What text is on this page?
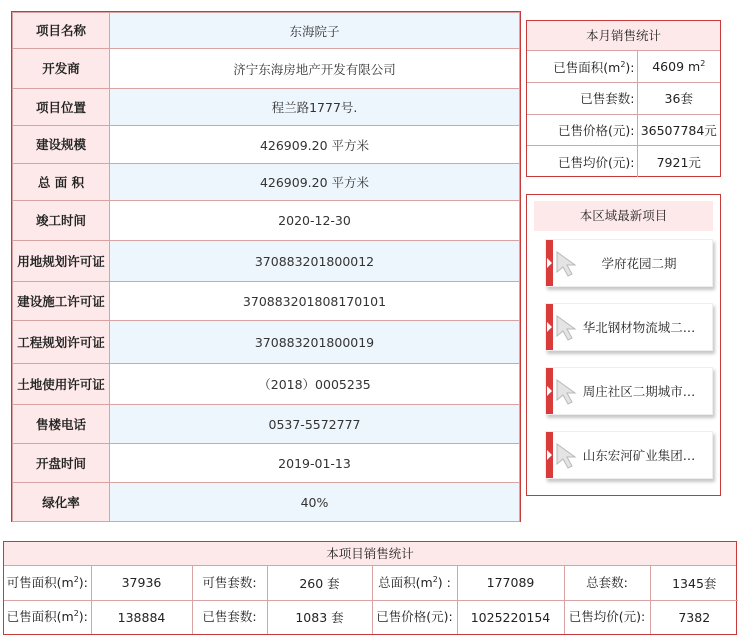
项目名称	东海院子
开发商	济宁东海房地产开发有限公司
项目位置	程兰路1777号.
建设规模	426909.20 平方米
总 面 积	426909.20 平方米
竣工时间	2020-12-30
用地规划许可证	370883201800012
建设施工许可证	370883201808170101
工程规划许可证	370883201800019
土地使用许可证	（2018）0005235
售楼电话	0537-5572777
开盘时间	2019-01-13
绿化率	40%
本月销售统计
已售面积$(m^2)$:	4609 $m^2$
已售套数:	36套
已售价格(元):	36507784元
已售均价(元):	7921元
本区域最新项目
学府花园二期
华北钢材物流城二…
周庄社区二期城市…
山东宏河矿业集团…
本项目销售统计
可售面积$(m^2)$:	37936	可售套数:	260 套	总面积$(m^2)$ :	177089	总套数:	1345套
已售面积$(m^2)$:	138884	已售套数:	1083 套	已售价格(元):	1025220154	已售均价(元):	7382
